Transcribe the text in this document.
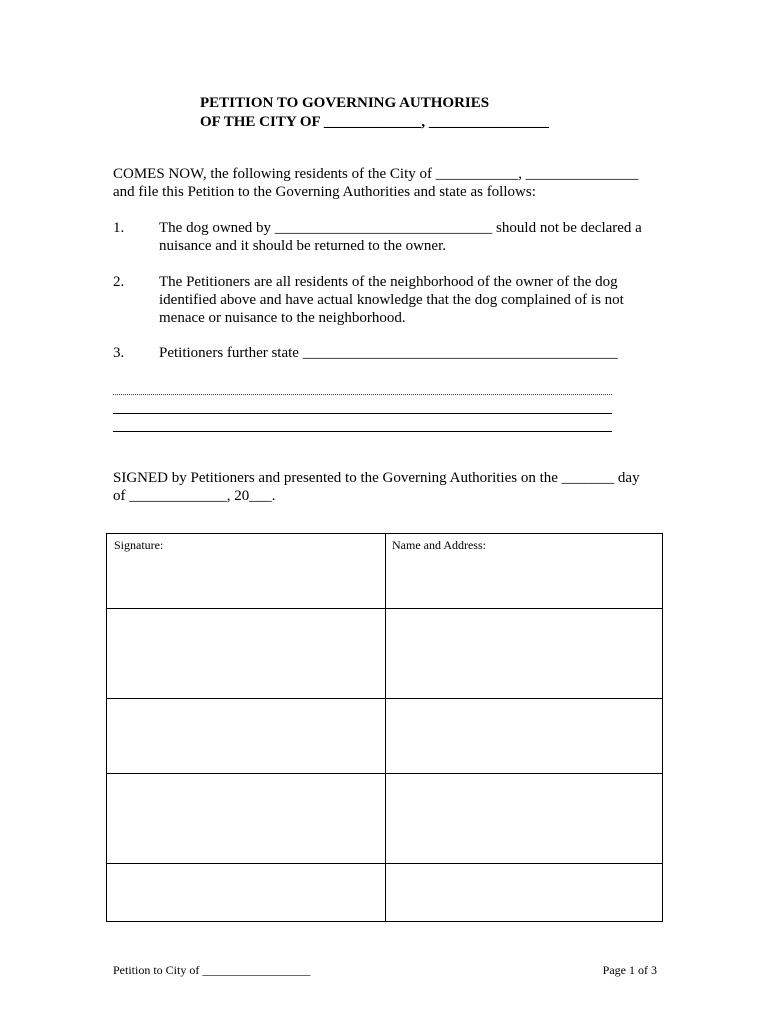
PETITION TO GOVERNING AUTHORIES
OF THE CITY OF _____________, ________________
COMES NOW, the following residents of the City of ___________, _______________
and file this Petition to the Governing Authorities and state as follows:
1. The dog owned by _____________________________ should not be declared a
nuisance and it should be returned to the owner.
2. The Petitioners are all residents of the neighborhood of the owner of the dog
identified above and have actual knowledge that the dog complained of is not
menace or nuisance to the neighborhood.
3. Petitioners further state __________________________________________
SIGNED by Petitioners and presented to the Governing Authorities on the _______ day
of _____________, 20___.
Signature:	Name and Address:
Petition to City of __________________	Page 1 of 3
